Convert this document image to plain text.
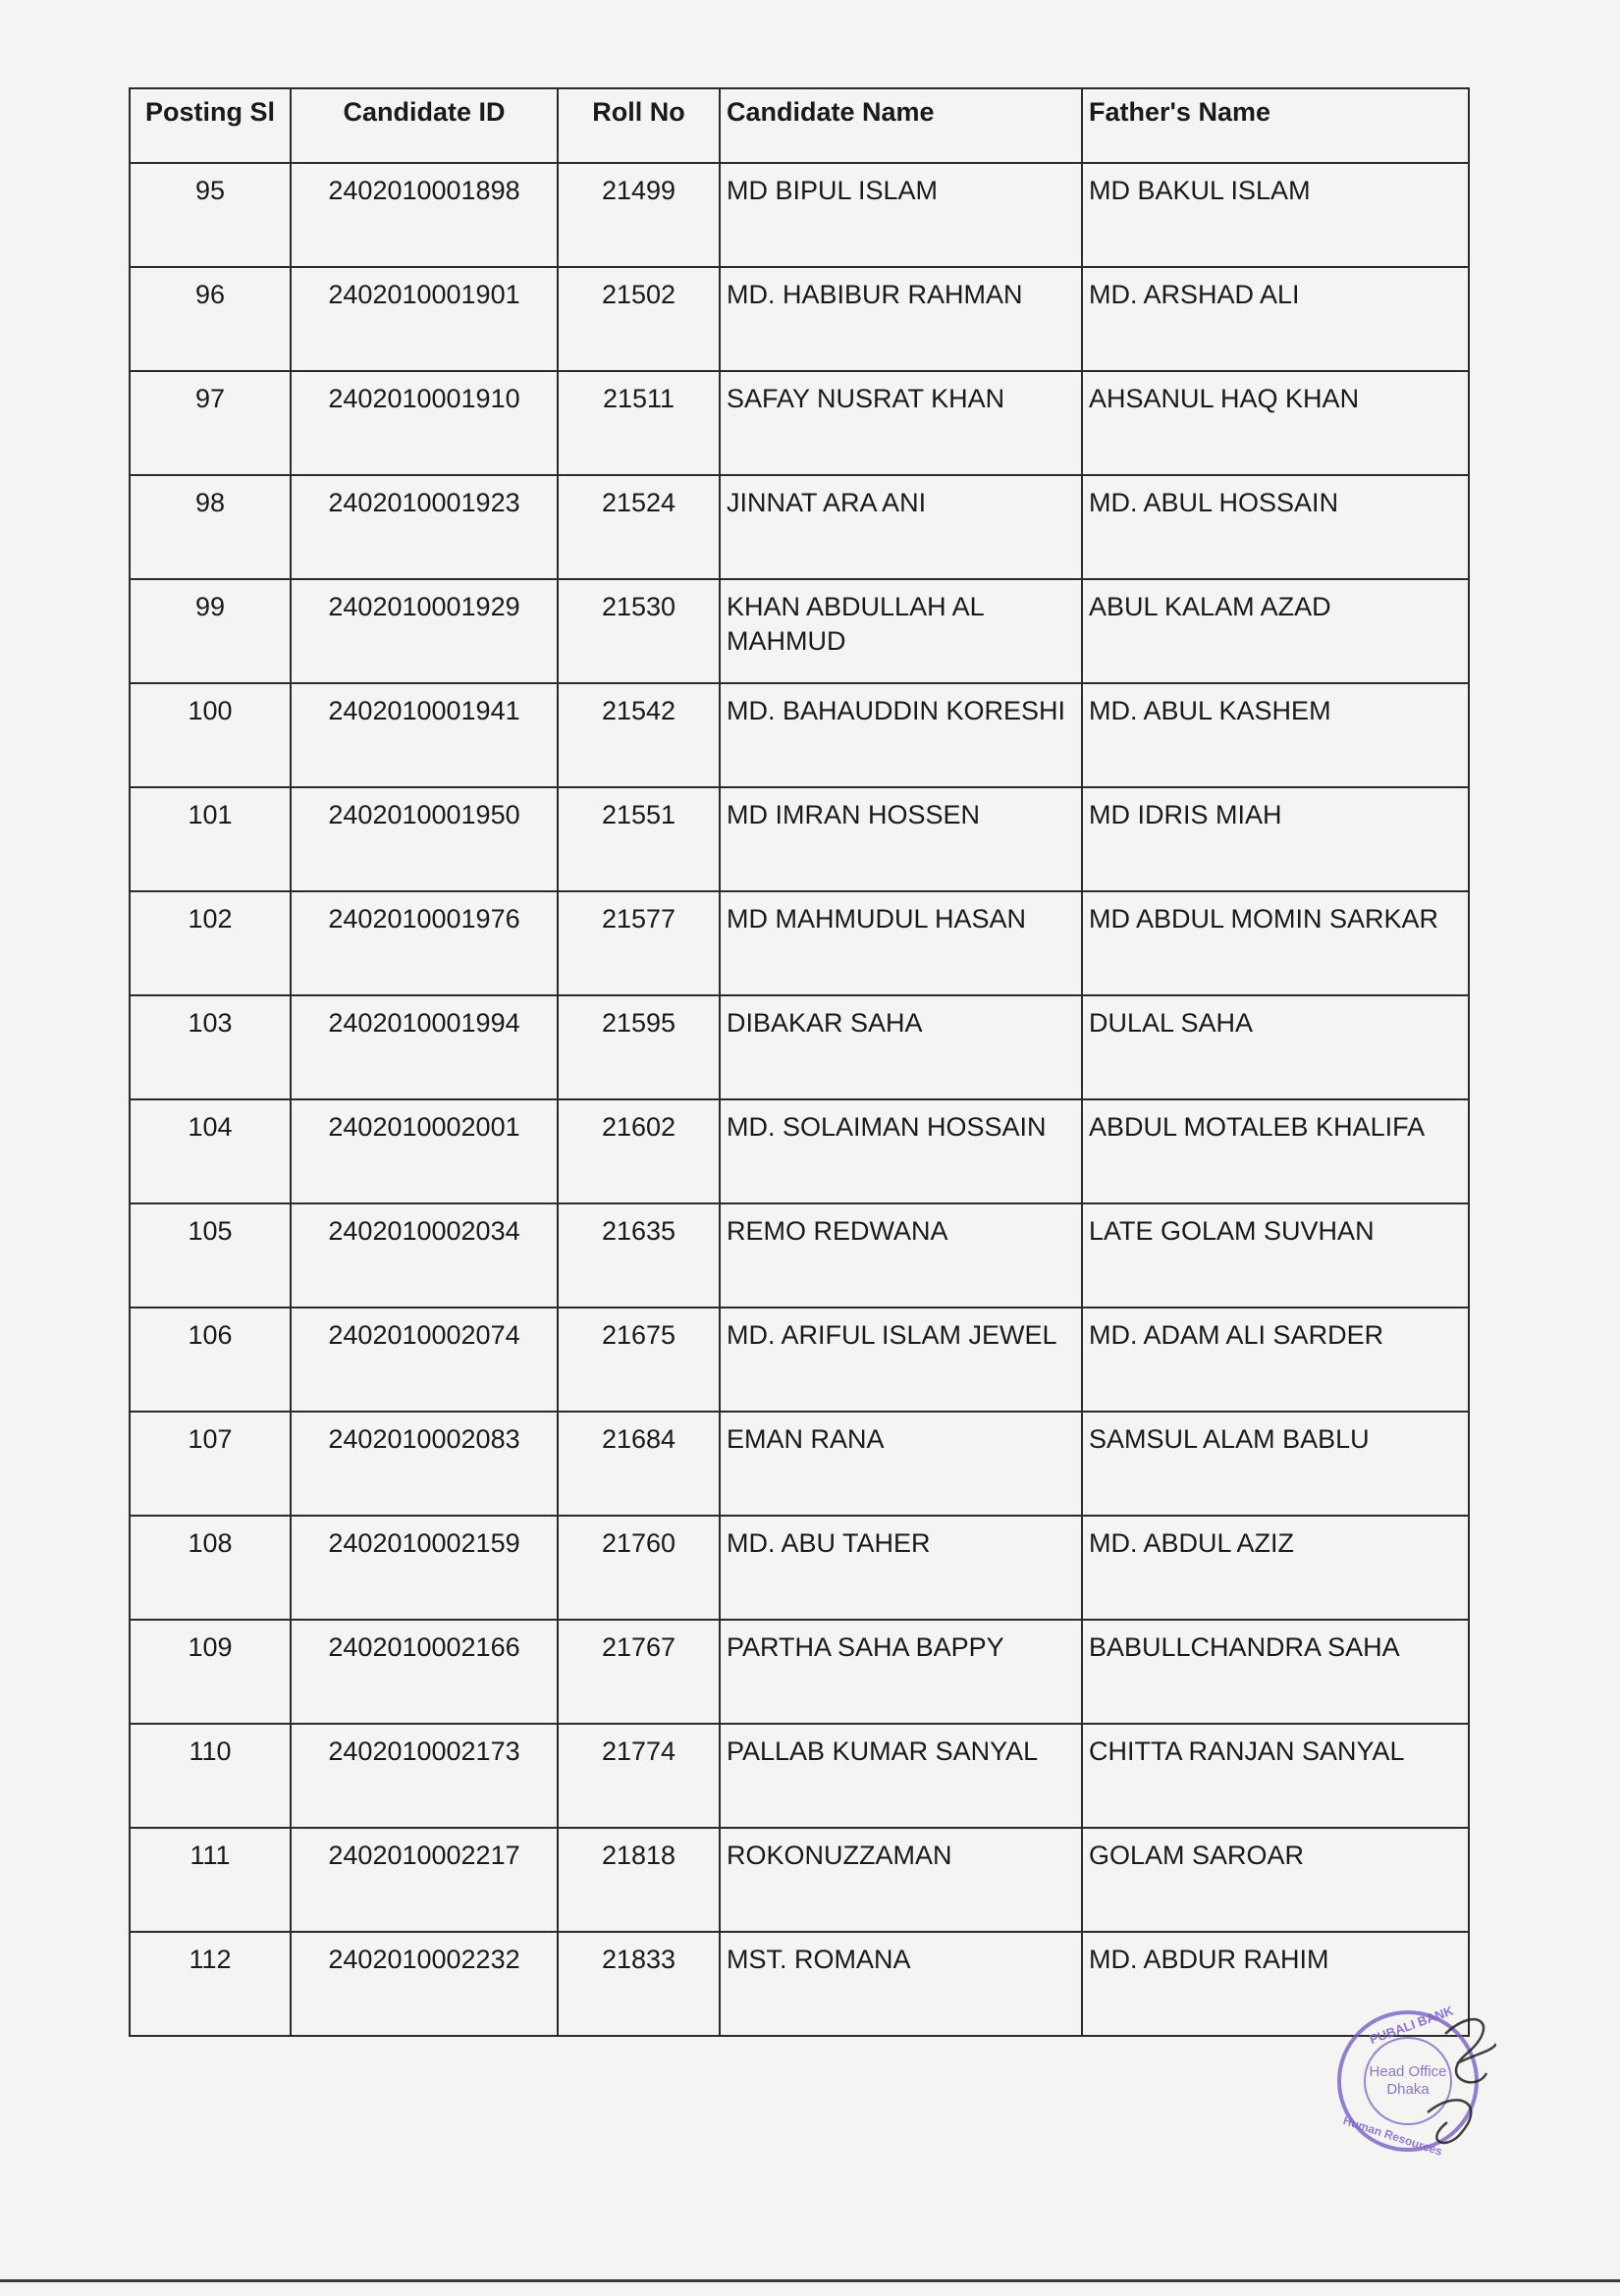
Posting Sl	Candidate ID	Roll No	Candidate Name	Father's Name
95	2402010001898	21499	MD BIPUL ISLAM	MD BAKUL ISLAM
96	2402010001901	21502	MD. HABIBUR RAHMAN	MD. ARSHAD ALI
97	2402010001910	21511	SAFAY NUSRAT KHAN	AHSANUL HAQ KHAN
98	2402010001923	21524	JINNAT ARA ANI	MD. ABUL HOSSAIN
99	2402010001929	21530	KHAN ABDULLAH AL MAHMUD	ABUL KALAM AZAD
100	2402010001941	21542	MD. BAHAUDDIN KORESHI	MD. ABUL KASHEM
101	2402010001950	21551	MD IMRAN HOSSEN	MD IDRIS MIAH
102	2402010001976	21577	MD MAHMUDUL HASAN	MD ABDUL MOMIN SARKAR
103	2402010001994	21595	DIBAKAR SAHA	DULAL SAHA
104	2402010002001	21602	MD. SOLAIMAN HOSSAIN	ABDUL MOTALEB KHALIFA
105	2402010002034	21635	REMO REDWANA	LATE GOLAM SUVHAN
106	2402010002074	21675	MD. ARIFUL ISLAM JEWEL	MD. ADAM ALI SARDER
107	2402010002083	21684	EMAN RANA	SAMSUL ALAM BABLU
108	2402010002159	21760	MD. ABU TAHER	MD. ABDUL AZIZ
109	2402010002166	21767	PARTHA SAHA BAPPY	BABULLCHANDRA SAHA
110	2402010002173	21774	PALLAB KUMAR SANYAL	CHITTA RANJAN SANYAL
111	2402010002217	21818	ROKONUZZAMAN	GOLAM SAROAR
112	2402010002232	21833	MST. ROMANA	MD. ABDUR RAHIM
Head Office
Dhaka
PUBALI BANK
Human Resources
